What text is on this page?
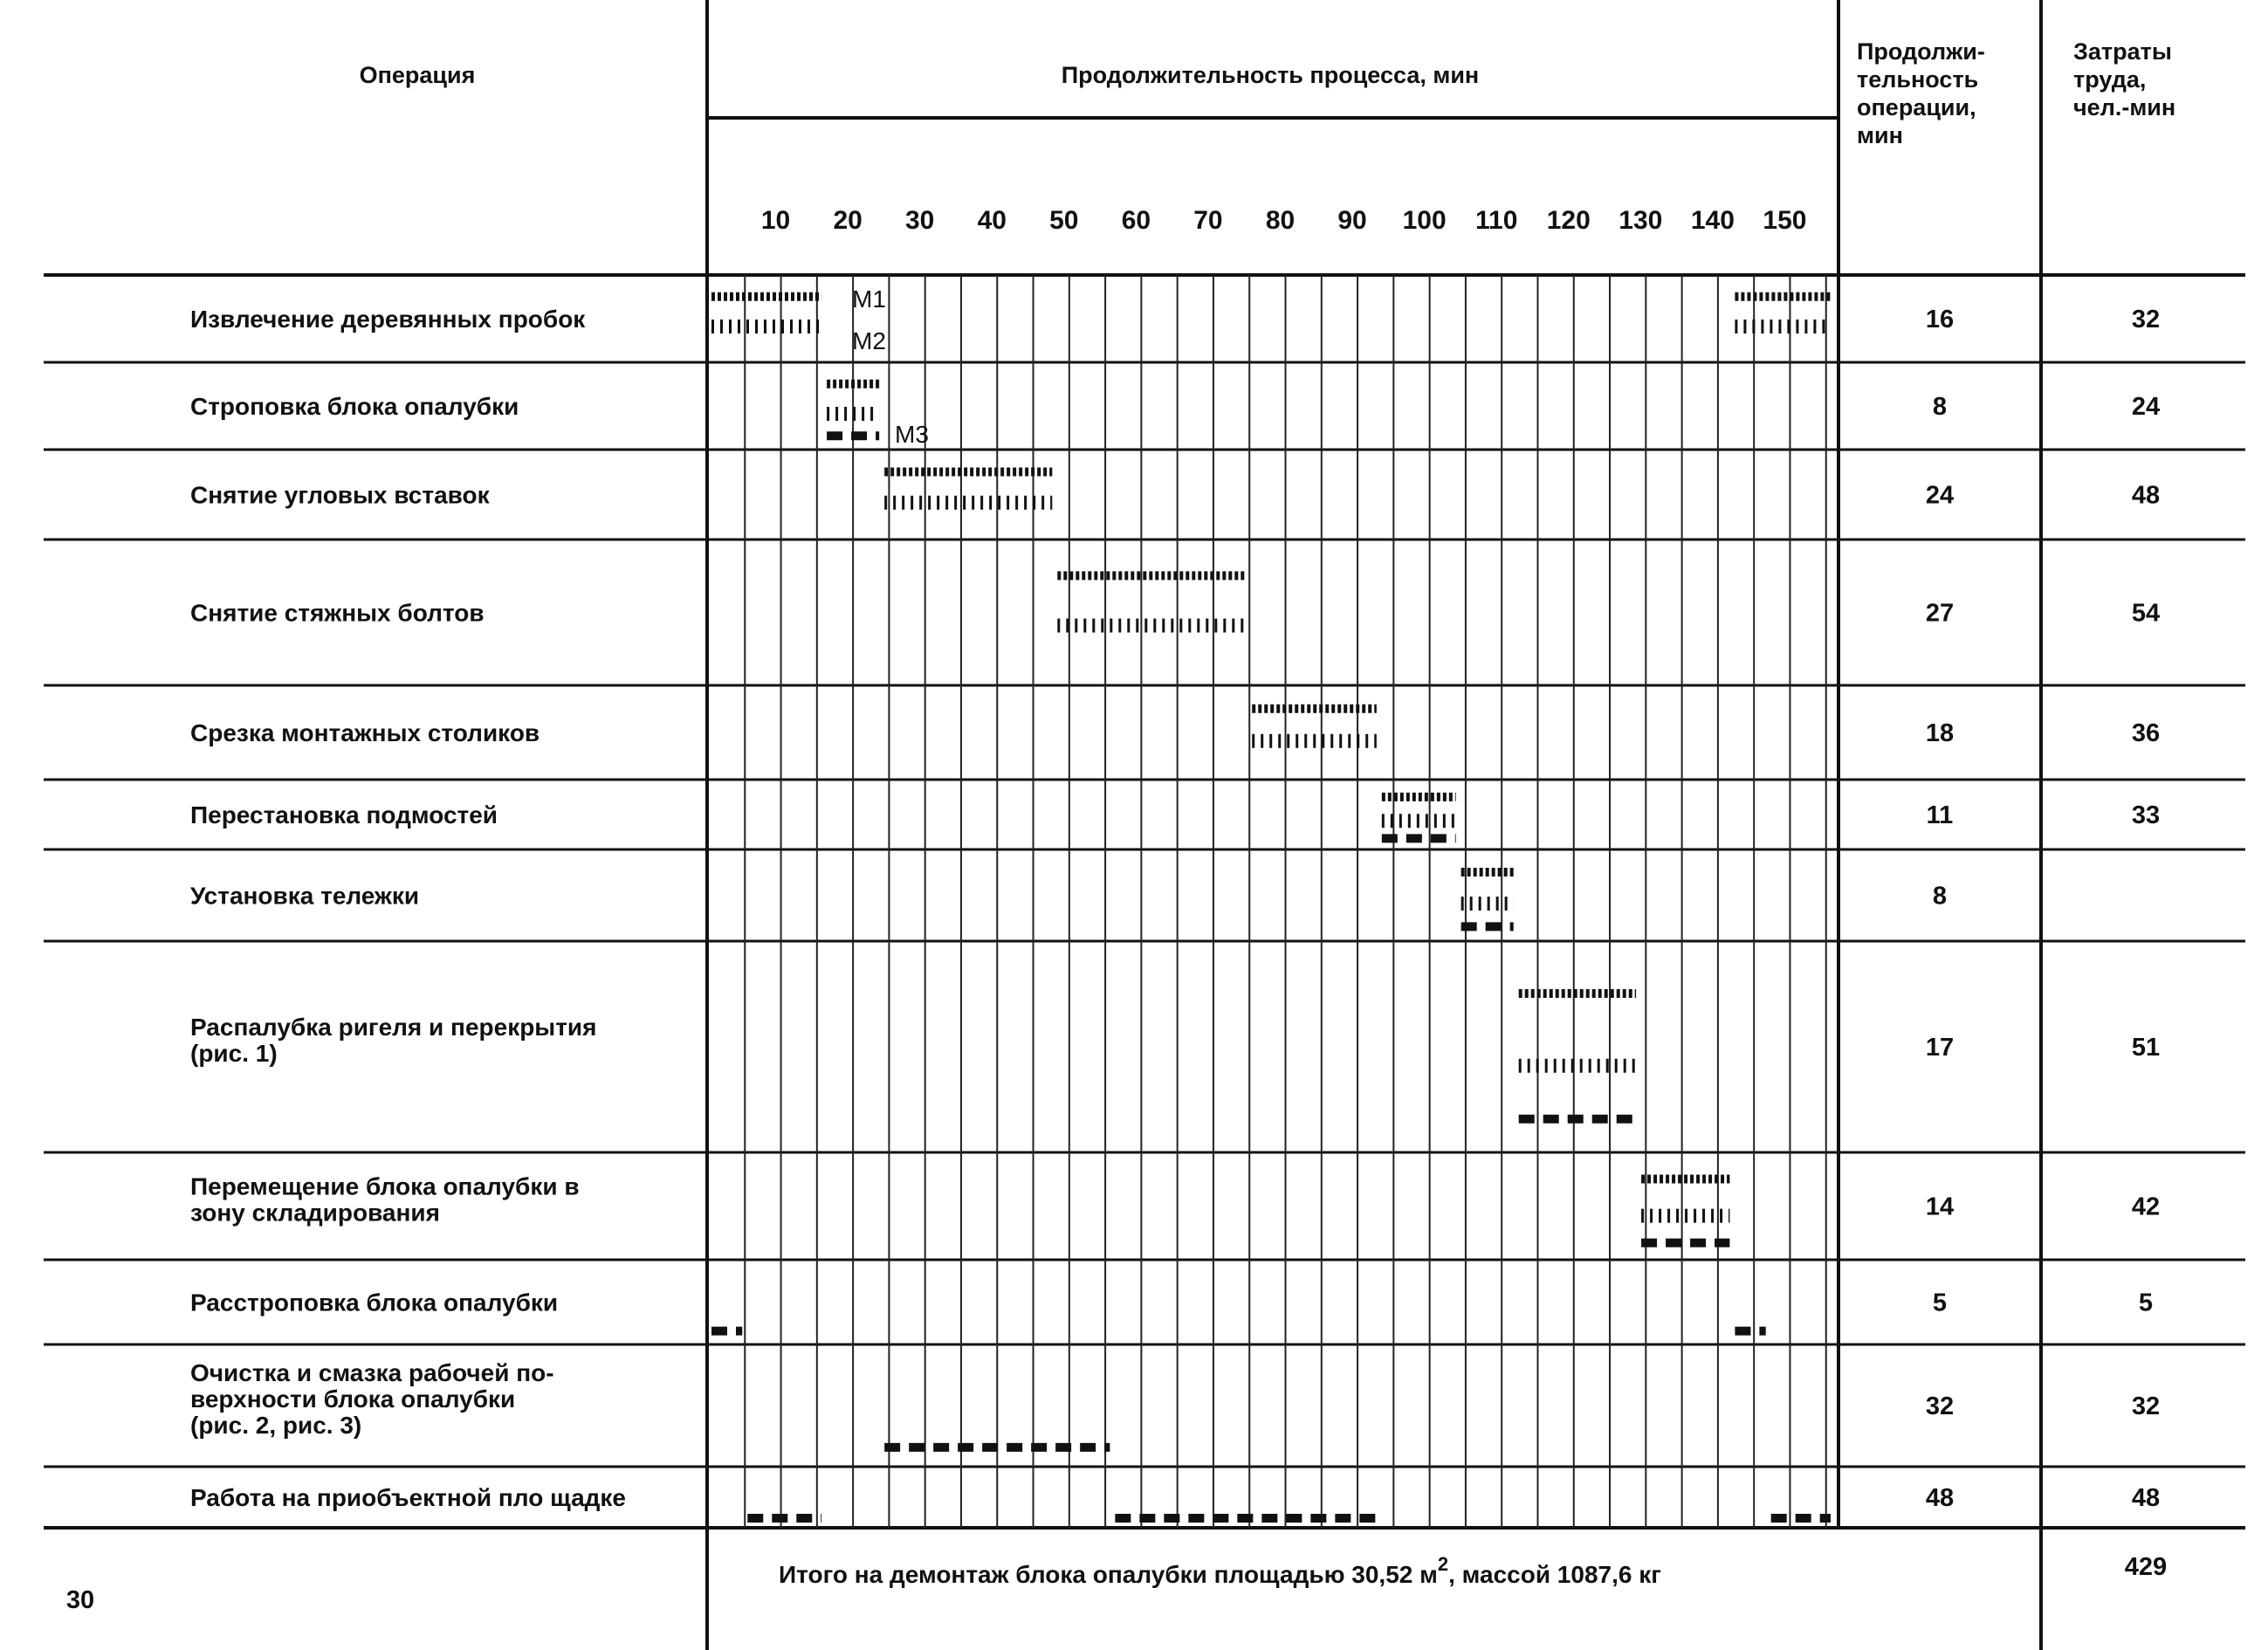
Операция	Продолжительность процесса, мин
Продолжи-
тельность
операции,
мин
Затраты
труда,
чел.-мин
10 20 30 40 50 60 70 80 90 100 110 120 130 140 150
Извлечение деревянных пробок	16	32
Строповка блока опалубки	8	24
Снятие угловых вставок	24	48
Снятие стяжных болтов	27	54
Срезка монтажных столиков	18	36
Перестановка подмостей	11	33
Установка тележки	8
Распалубка ригеля и перекрытия
(рис. 1)	17	51
Перемещение блока опалубки в
зону складирования	14	42
Расстроповка блока опалубки	5	5
Очистка и смазка рабочей по-
верхности блока опалубки
(рис. 2, рис. 3)
32	32
Работа на приобъектной пло щадке	48	48
М1
М2
М3
Итого на демонтаж блока опалубки площадью 30,52 $м^2$, массой 1087,6 кг	429
30
